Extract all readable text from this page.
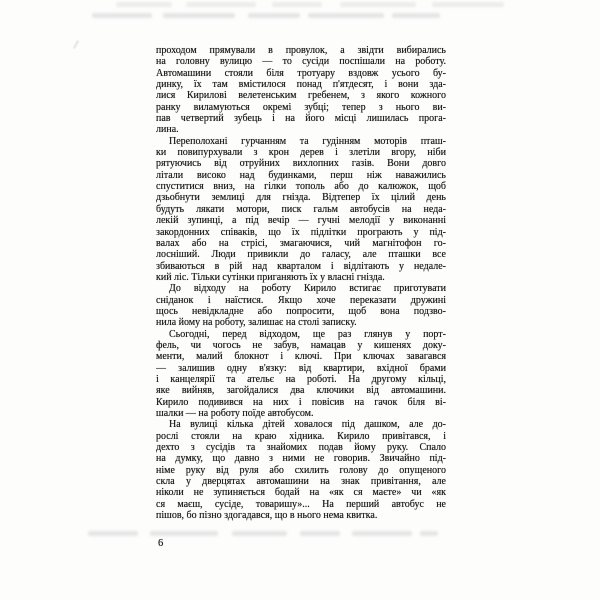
проходом прямували в провулок, а звідти вибирались
на головну вулицю — то сусіди поспішали на роботу.
Автомашини стояли біля тротуару вздовж усього бу-
динку, їх там вмістилося понад п'ятдесят, і вони зда-
лися Кирилові велетенським гребенем, з якого кожного
ранку виламуються окремі зубці; тепер з нього ви-
пав четвертий зубець і на його місці лишилась прога-
лина.
Переполохані гурчанням та гудінням моторів пташ-
ки повипурхували з крон дерев і злетіли вгору, ніби
рятуючись від отруйних вихлопних газів. Вони довго
літали високо над будинками, перш ніж наважились
спуститися вниз, на гілки тополь або до калюжок, щоб
дзьобнути землиці для гнізда. Відтепер їх цілий день
будуть лякати мотори, писк гальм автобусів на неда-
лекій зупинці, а під вечір — гучні мелодії у виконанні
закордонних співаків, що їх підлітки програють у під-
валах або на стрісі, змагаючися, чий магнітофон го-
лосніший. Люди привикли до галасу, але пташки все
збиваються в рій над кварталом і відлітають у недале-
кий ліс. Тільки сутінки приганяють їх у власні гнізда.
До відходу на роботу Кирило встигає приготувати
сніданок і наїстися. Якщо хоче переказати дружині
щось невідкладне або попросити, щоб вона подзво-
нила йому на роботу, залишає на столі записку.
Сьогодні, перед відходом, ще раз глянув у порт-
фель, чи чогось не забув, намацав у кишенях доку-
менти, малий блокнот і ключі. При ключах завагався
— залишив одну в'язку: від квартири, вхідної брами
і канцелярії та ательє на роботі. На другому кільці,
яке вийняв, загойдалися два ключики від автомашини.
Кирило подивився на них і повісив на гачок біля ві-
шалки — на роботу поїде автобусом.
На вулиці кілька дітей ховалося під дашком, але до-
рослі стояли на краю хідника. Кирило привітався, і
дехто з сусідів та знайомих подав йому руку. Спало
на думку, що давно з ними не говорив. Звичайно під-
німе руку від руля або схилить голову до опущеного
скла у дверцятах автомашини на знак привітання, але
ніколи не зупиняється бодай на «як ся маєте» чи «як
ся маєш, сусіде, товаришу»... На перший автобус не
пішов, бо пізно здогадався, що в нього нема квитка.
6
